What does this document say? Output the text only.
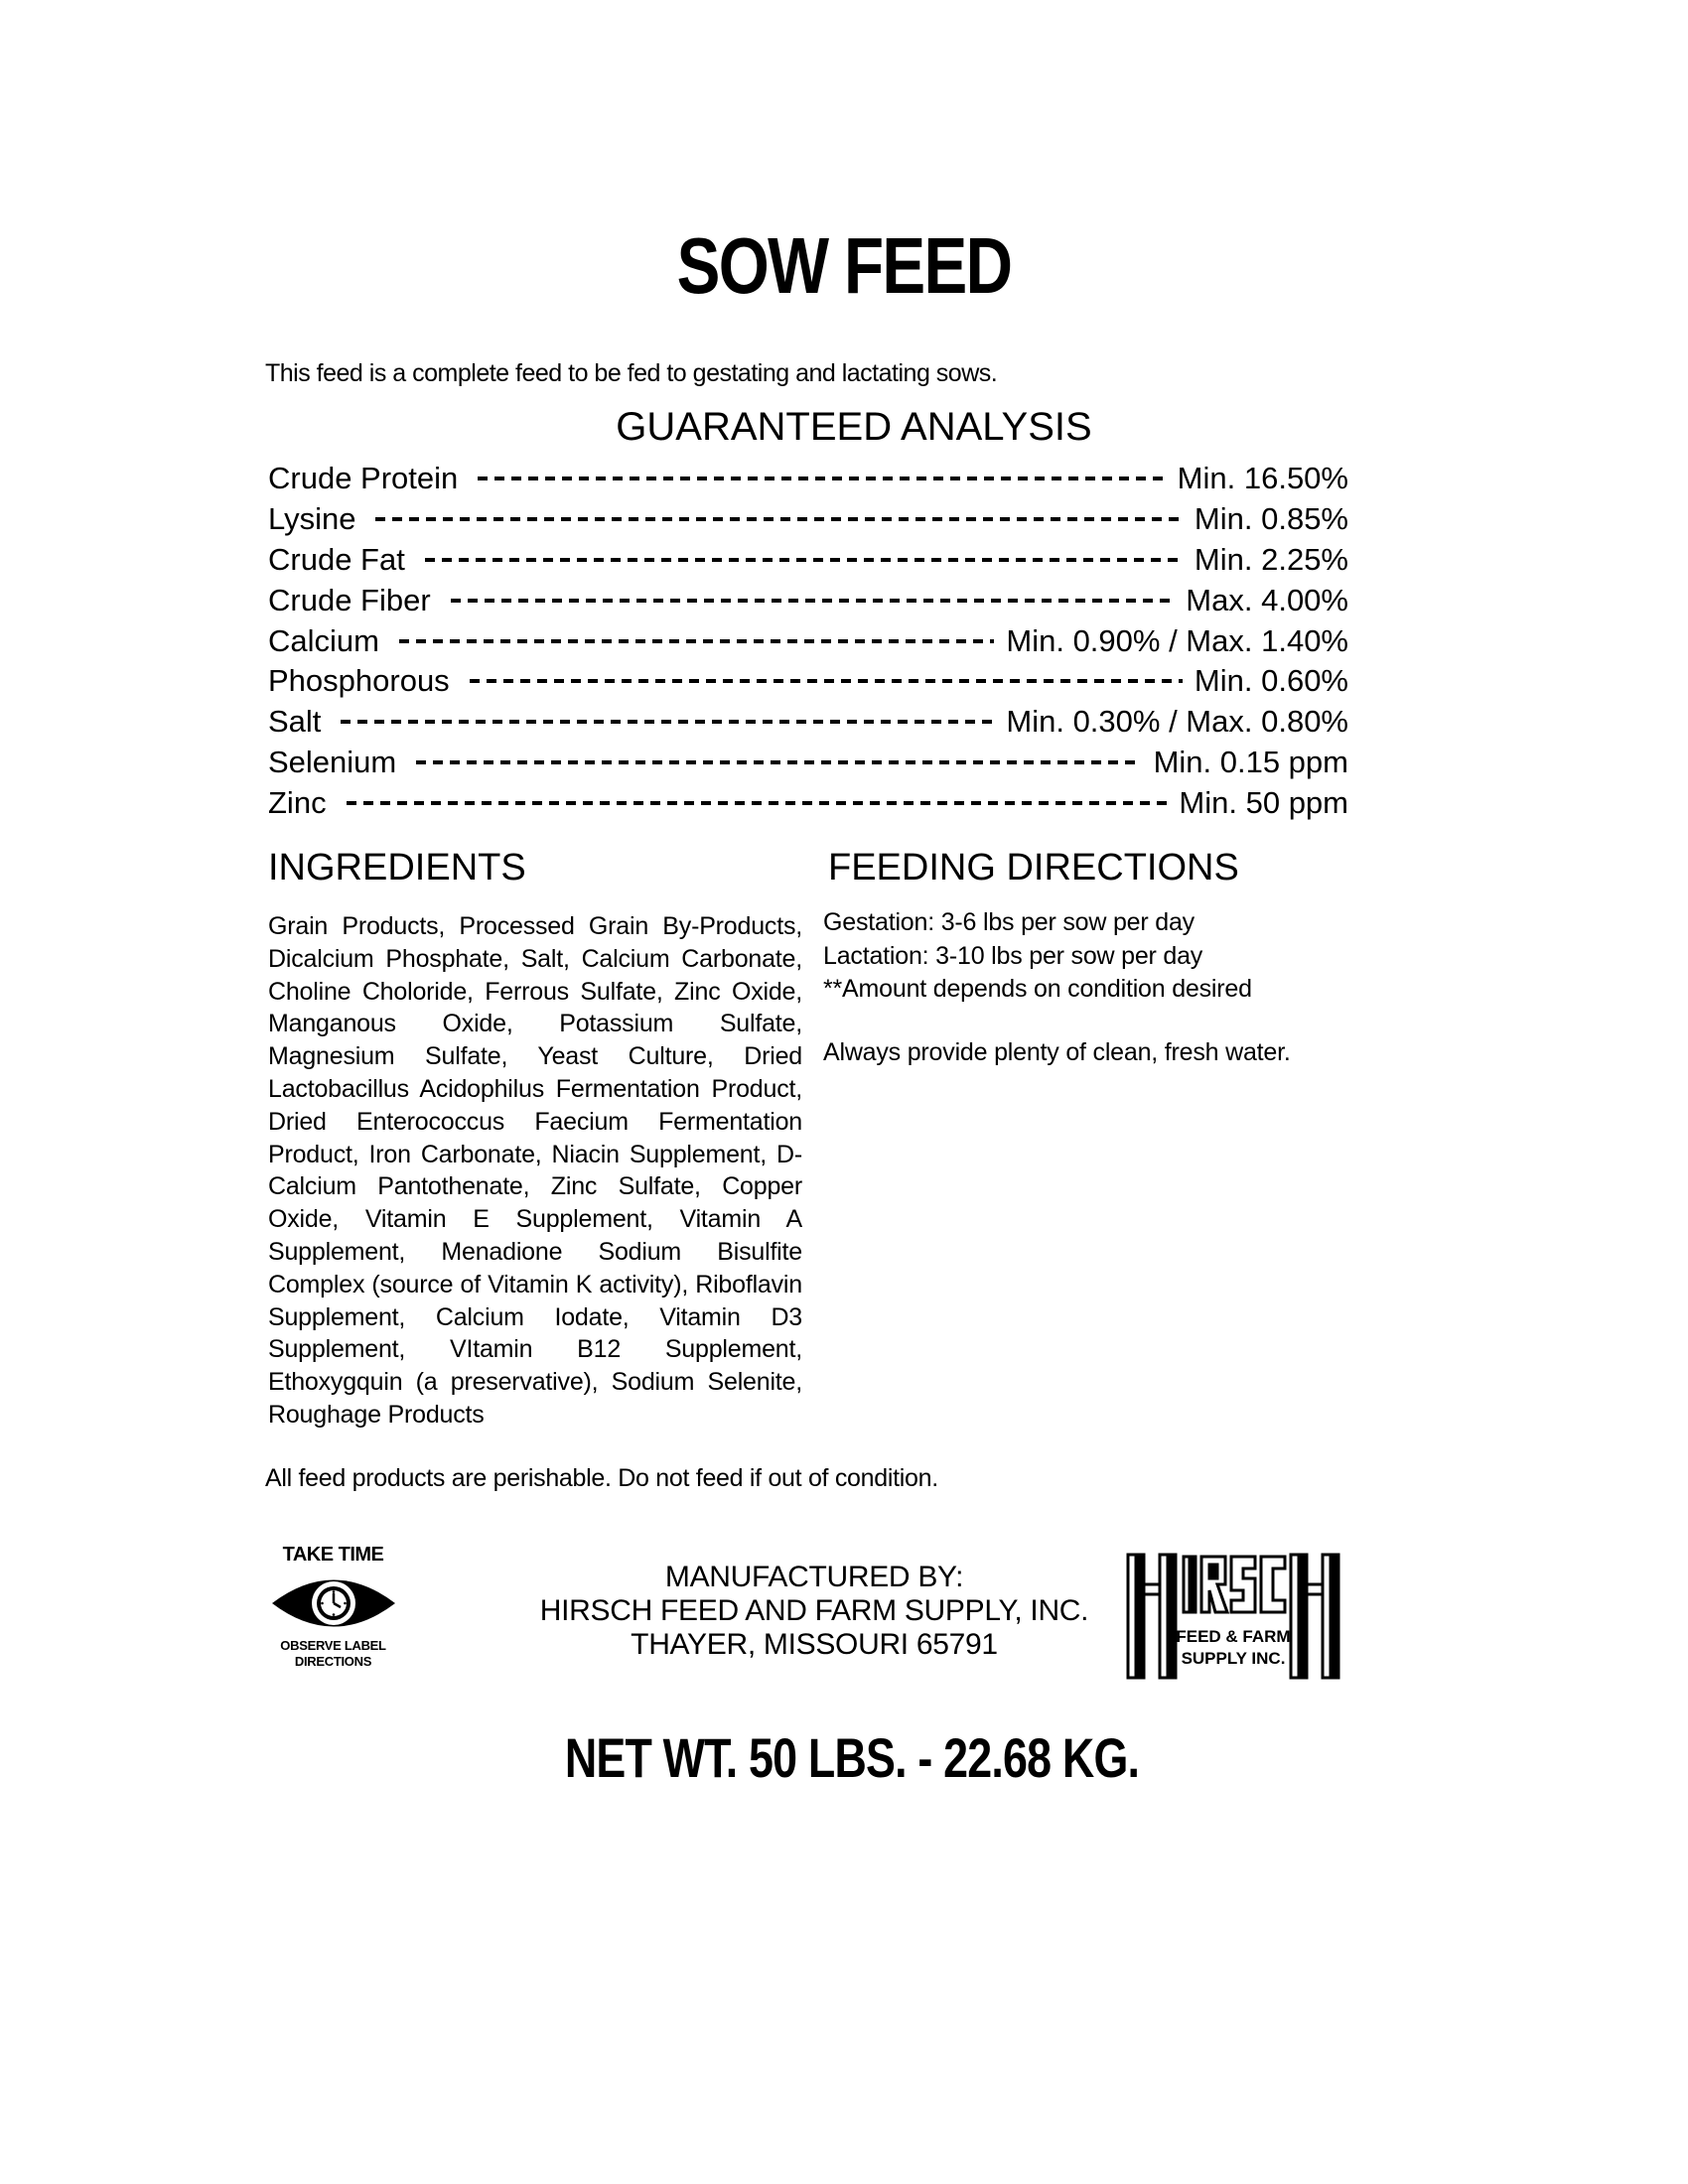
SOW FEED
This feed is a complete feed to be fed to gestating and lactating sows.
GUARANTEED ANALYSIS
Crude Protein	Min. 16.50%
Lysine	Min. 0.85%
Crude Fat	Min. 2.25%
Crude Fiber	Max. 4.00%
Calcium	Min. 0.90% / Max. 1.40%
Phosphorous	Min. 0.60%
Salt	Min. 0.30% / Max. 0.80%
Selenium	Min. 0.15 ppm
Zinc	Min. 50 ppm
INGREDIENTS	FEEDING DIRECTIONS
Grain Products, Processed Grain By-Products, Dicalcium Phosphate, Salt, Calcium Carbonate, Choline Choloride, Ferrous Sulfate, Zinc Oxide, Manganous Oxide, Potassium Sulfate, Magnesium Sulfate, Yeast Culture, Dried Lactobacillus Acidophilus Fermentation Product, Dried Enterococcus Faecium Fermentation Product, Iron Carbonate, Niacin Supplement, D-Calcium Pantothenate, Zinc Sulfate, Copper Oxide, Vitamin E Supplement, Vitamin A Supplement, Menadione Sodium Bisulfite Complex (source of Vitamin K activity), Riboflavin Supplement, Calcium Iodate, Vitamin D3 Supplement, VItamin B12 Supplement, Ethoxygquin (a preservative), Sodium Selenite, Roughage Products
Gestation: 3-6 lbs per sow per day
Lactation: 3-10 lbs per sow per day
**Amount depends on condition desired
Always provide plenty of clean, fresh water.
All feed products are perishable. Do not feed if out of condition.
TAKE TIME
OBSERVE LABEL
DIRECTIONS
MANUFACTURED BY:
HIRSCH FEED AND FARM SUPPLY, INC.
THAYER, MISSOURI 65791	FEED & FARM
SUPPLY INC.
NET WT. 50 LBS. - 22.68 KG.
